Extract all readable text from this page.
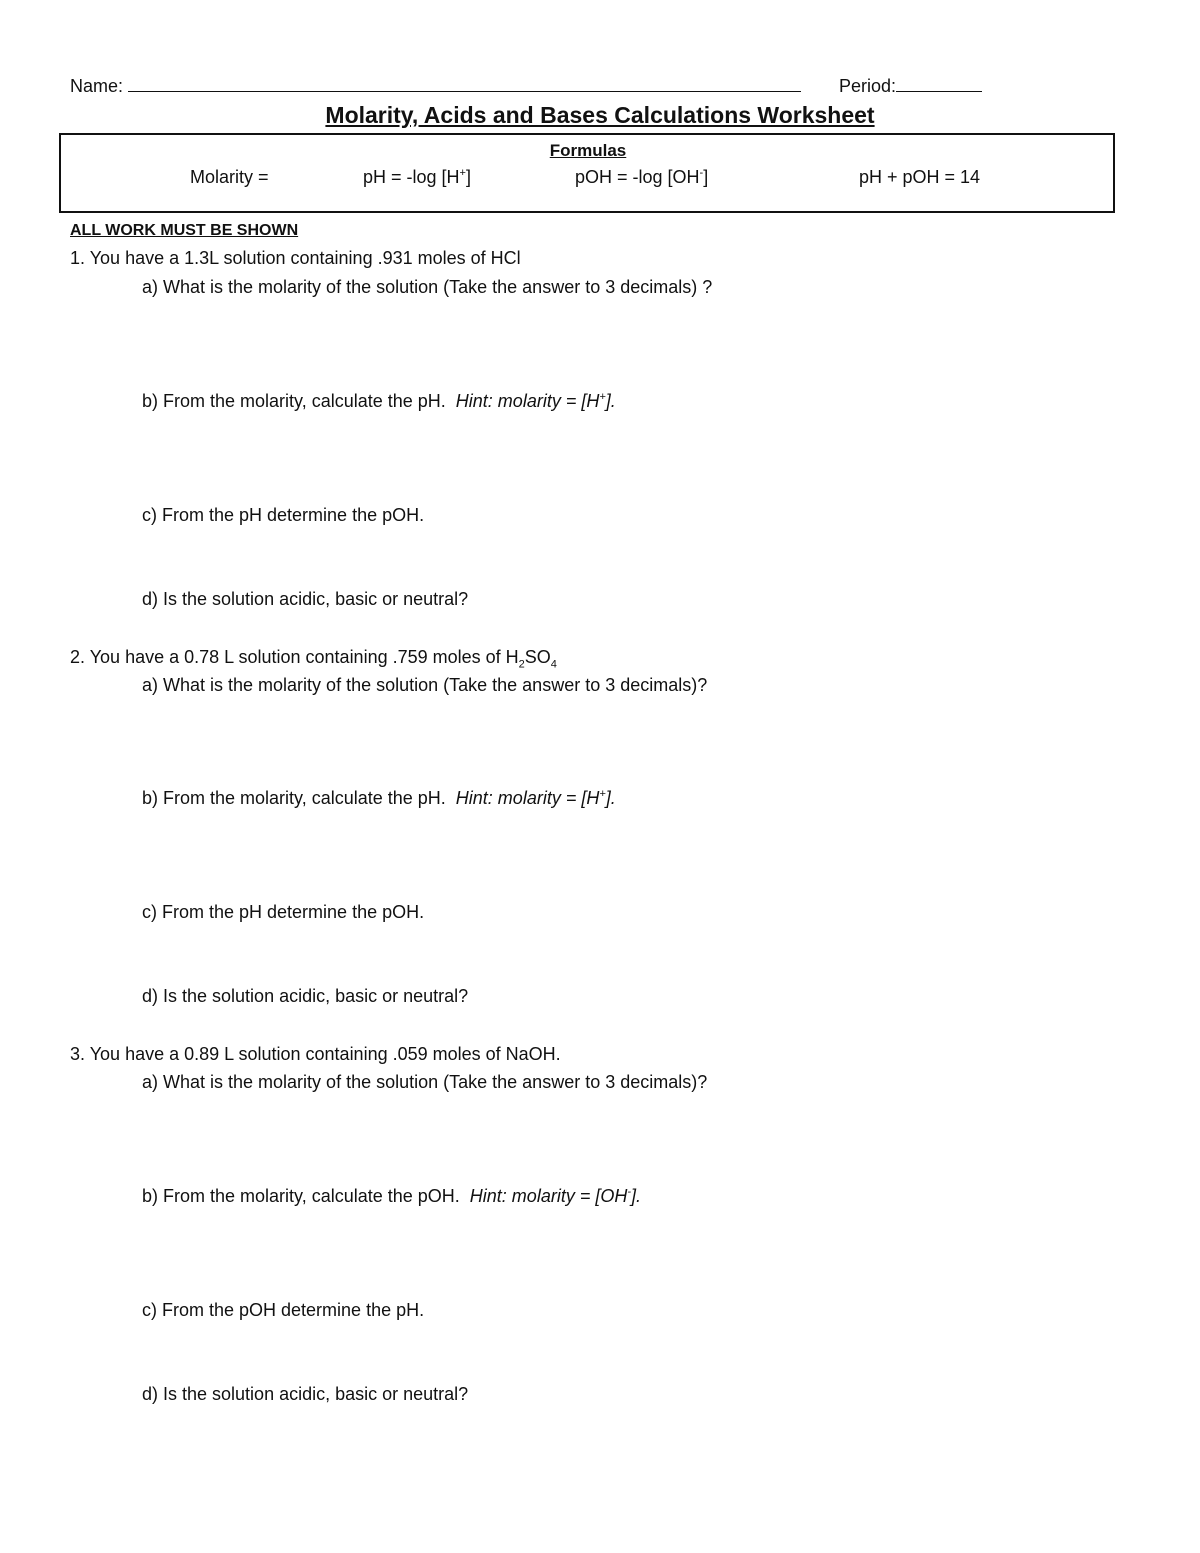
Name:	Period:
Molarity, Acids and Bases Calculations Worksheet
Formulas
Molarity =	pH = -log [H+]	pOH = -log [OH-]	pH + pOH = 14
ALL WORK MUST BE SHOWN
1. You have a 1.3L solution containing .931 moles of HCl
a) What is the molarity of the solution (Take the answer to 3 decimals) ?
b) From the molarity, calculate the pH. Hint: molarity = [H+].
c) From the pH determine the pOH.
d) Is the solution acidic, basic or neutral?
2. You have a 0.78 L solution containing .759 moles of $H_2SO_4$
a) What is the molarity of the solution (Take the answer to 3 decimals)?
b) From the molarity, calculate the pH. Hint: molarity = [H+].
c) From the pH determine the pOH.
d) Is the solution acidic, basic or neutral?
3. You have a 0.89 L solution containing .059 moles of NaOH.
a) What is the molarity of the solution (Take the answer to 3 decimals)?
b) From the molarity, calculate the pOH. Hint: molarity = [OH-].
c) From the pOH determine the pH.
d) Is the solution acidic, basic or neutral?
